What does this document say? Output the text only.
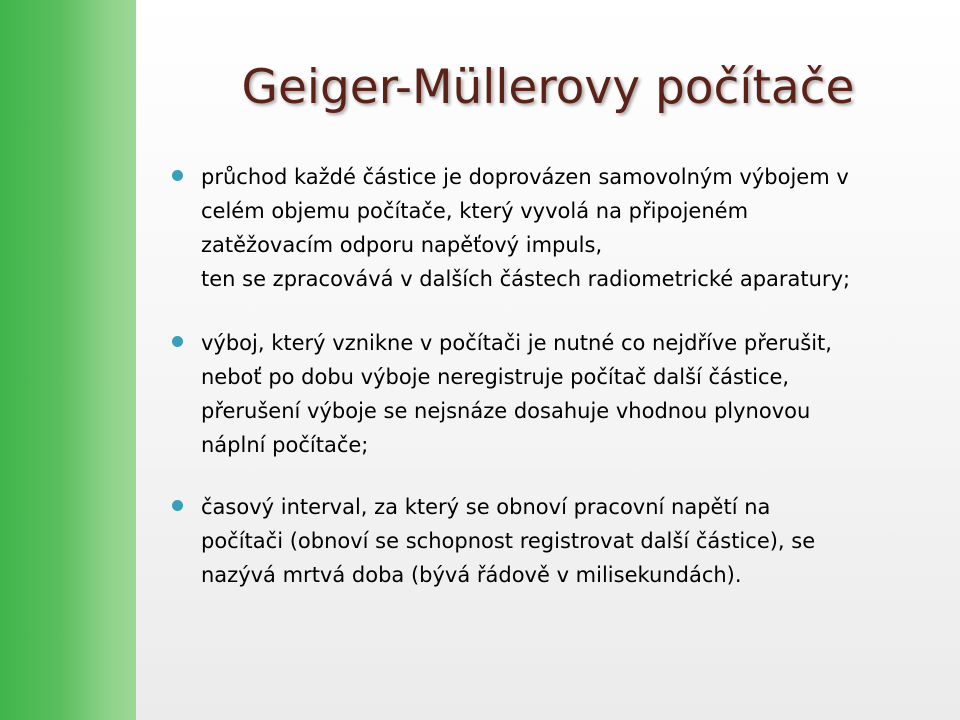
Geiger-Müllerovy počítače
průchod každé částice je doprovázen samovolným výbojem v
celém objemu počítače, který vyvolá na připojeném
zatěžovacím odporu napěťový impuls,
ten se zpracovává v dalších částech radiometrické aparatury;
výboj, který vznikne v počítači je nutné co nejdříve přerušit,
neboť po dobu výboje neregistruje počítač další částice,
přerušení výboje se nejsnáze dosahuje vhodnou plynovou
náplní počítače;
časový interval, za který se obnoví pracovní napětí na
počítači (obnoví se schopnost registrovat další částice), se
nazývá mrtvá doba (bývá řádově v milisekundách).
